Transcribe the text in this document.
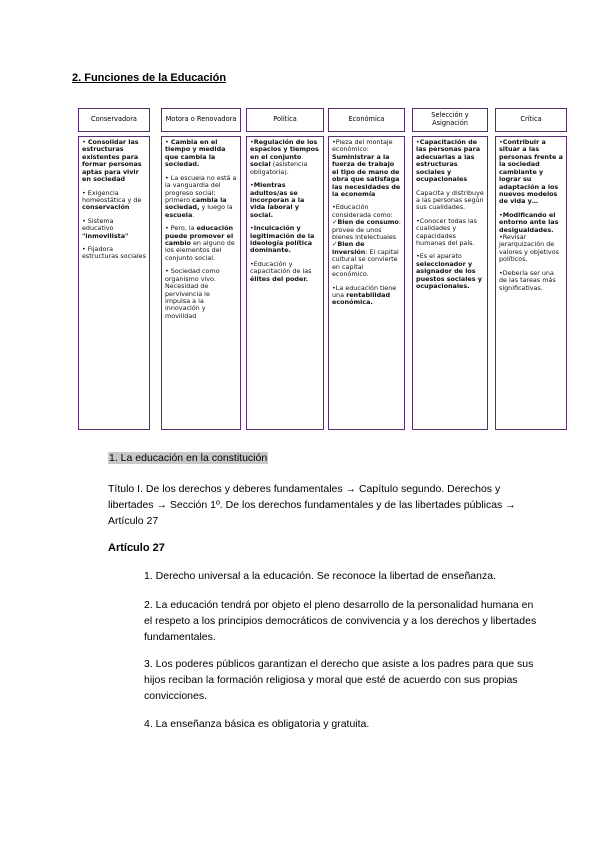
2. Funciones de la Educación
Conservadora

• Consolidar las estructuras existentes para formar personas aptas para vivir en sociedad

• Exigencia homeostática y de conservación

• Sistema educativo "inmovilista"

• Fijadora estructuras sociales

Motora o Renovadora

• Cambia en el tiempo y medida que cambia la sociedad.

• La escuela no está a la vanguardia del progreso social; primero cambia la sociedad, y luego la escuela.

• Pero, la educación puede promover el cambio en alguno de los elementos del conjunto social.

• Sociedad como organismo vivo. Necesidad de pervivencia le impulsa a la innovación y movilidad

Política

•Regulación de los espacios y tiempos en el conjunto social (asistencia obligatoria).

•Mientras adultos/as se incorporan a la vida laboral y social.

•Inculcación y legitimación de la ideología política dominante.

•Educación y capacitación de las élites del poder.

Económica

•Pieza del montaje económico: Suministrar a la fuerza de trabajo el tipo de mano de obra que satisfaga las necesidades de la economía

•Educación considerada como: ✓Bien de consumo: provee de unos bienes intelectuales ✓Bien de inversión: El capital cultural se convierte en capital económico.

•La educación tiene una rentabilidad económica.

Selección y Asignación

•Capacitación de las personas para adecuarlas a las estructuras sociales y ocupacionales

Capacita y distribuye a las personas según sus cualidades.

•Conocer todas las cualidades y capacidades humanas del país.

•Es el aparato seleccionador y asignador de los puestos sociales y ocupacionales.

Crítica

•Contribuir a situar a las personas frente a la sociedad cambiante y lograr su adaptación a los nuevos modelos de vida y…

•Modificando el entorno ante las desigualdades. •Revisar jerarquización de valores y objetivos políticos.

•Debería ser una de las tareas más significativas.

1. La educación en la constitución
Título I. De los derechos y deberes fundamentales → Capítulo segundo. Derechos y libertades → Sección 1º. De los derechos fundamentales y de las libertades públicas → Artículo 27
Artículo 27
1. Derecho universal a la educación. Se reconoce la libertad de enseñanza.
2. La educación tendrá por objeto el pleno desarrollo de la personalidad humana en el respeto a los principios democráticos de convivencia y a los derechos y libertades fundamentales.
3. Los poderes públicos garantizan el derecho que asiste a los padres para que sus hijos reciban la formación religiosa y moral que esté de acuerdo con sus propias convicciones.
4. La enseñanza básica es obligatoria y gratuita.
